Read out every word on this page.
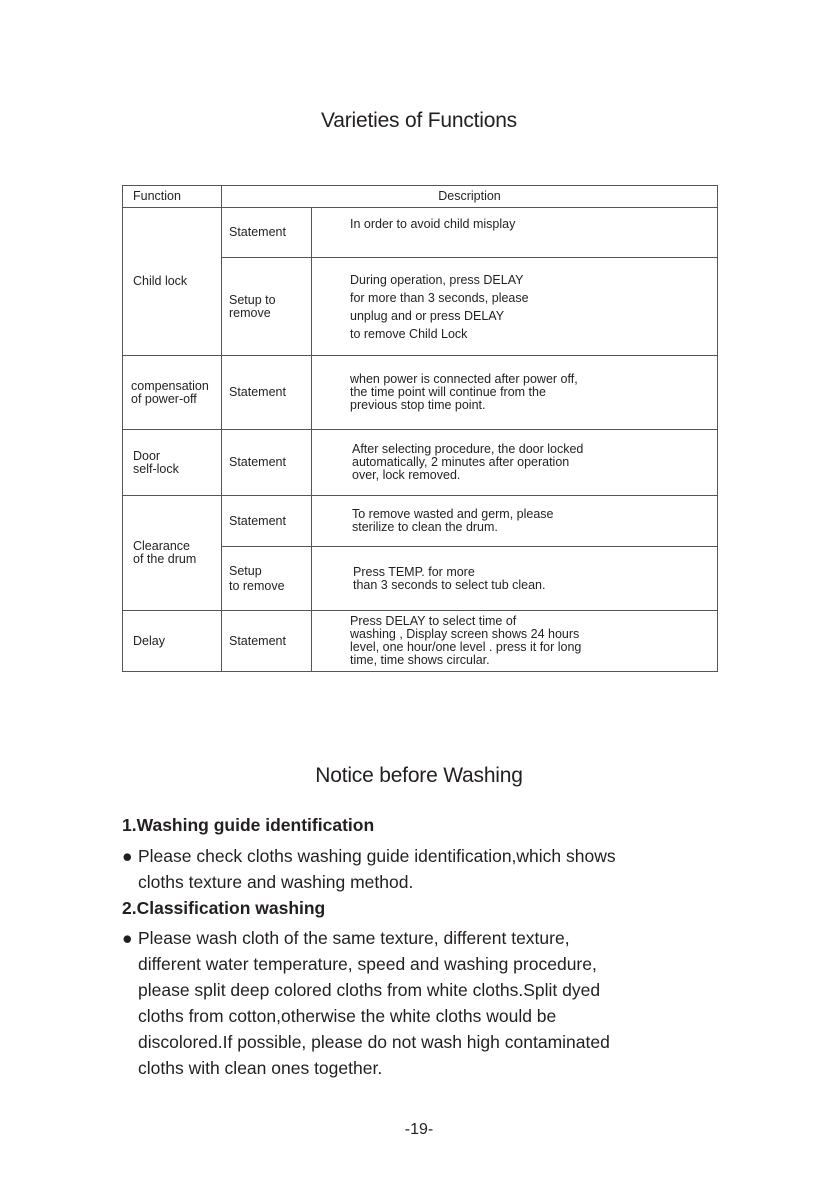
Varieties of Functions
Function	Description	
Child lock	Statement	In order to avoid child misplay

	Setup to
remove	During operation, press DELAY
for more than 3 seconds, please
unplug and or press DELAY
to remove Child Lock

compensation
of power-off	Statement	when power is connected after power off,
the time point will continue from the
previous stop time point.

Door
self-lock	Statement	After selecting procedure, the door locked
automatically, 2 minutes after operation
over, lock removed.

Clearance
of the drum	Statement	To remove wasted and germ, please
sterilize to clean the drum.

	Setup
to remove	Press TEMP. for more
than 3 seconds to select tub clean.

Delay	Statement	Press DELAY to select time of
washing , Display screen shows 24 hours
level, one hour/one level . press it for long
time, time shows circular.
Notice before Washing
1.Washing guide identification
● Please check cloths washing guide identification,which shows
cloths texture and washing method.
2.Classification washing
● Please wash cloth of the same texture, different texture,
different water temperature, speed and washing procedure,
please split deep colored cloths from white cloths.Split dyed
cloths from cotton,otherwise the white cloths would be
discolored.If possible, please do not wash high contaminated
cloths with clean ones together.
-19-
